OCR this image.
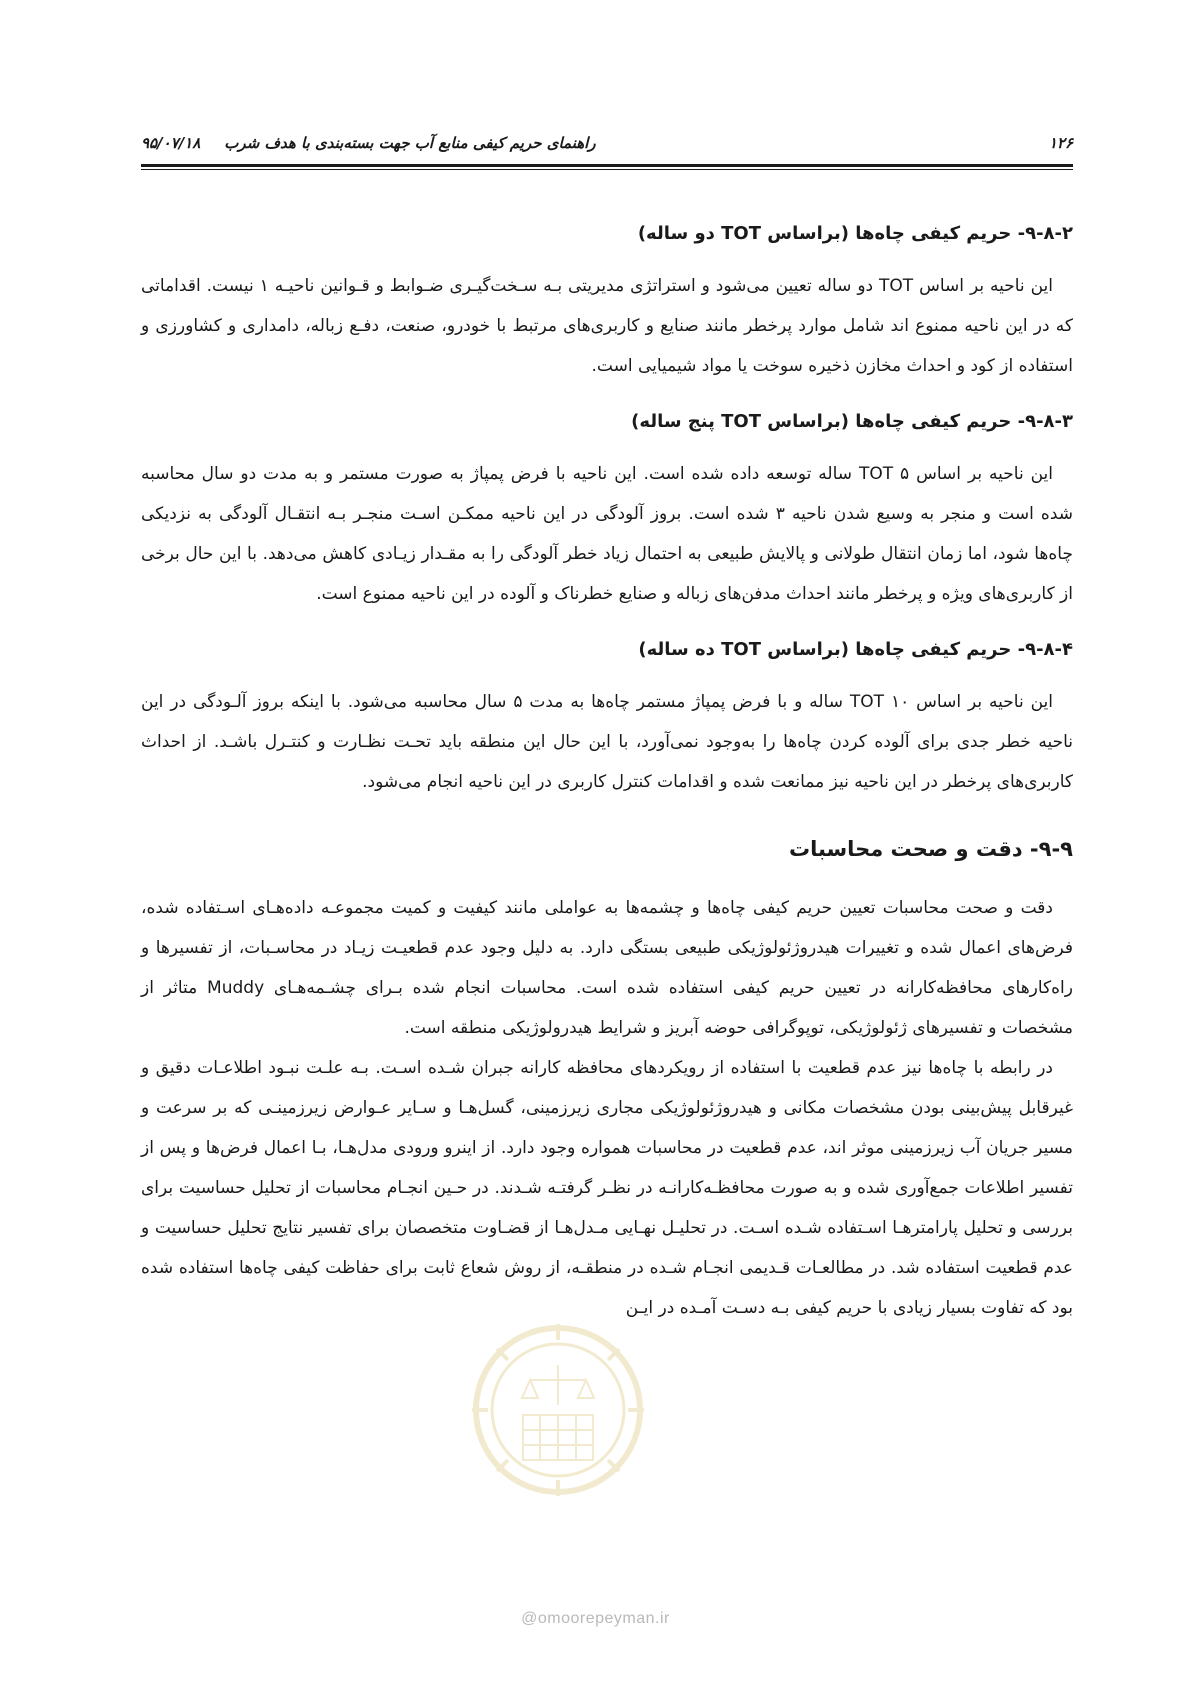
۱۲۶
راهنمای حریم کیفی منابع آب جهت بسته‌بندی با هدف شرب
۹۵/۰۷/۱۸
۹-۸-۲- حریم کیفی چاه‌ها (براساس TOT دو ساله)

این ناحیه بر اساس TOT دو ساله تعیین می‌شود و استراتژی مدیریتی بـه سـخت‌گیـری ضـوابط و قـوانین ناحیـه ۱ نیست. اقداماتی که در این ناحیه ممنوع اند شامل موارد پرخطر مانند صنایع و کاربری‌های مرتبط با خودرو، صنعت، دفـع زباله، دامداری و کشاورزی و استفاده از کود و احداث مخازن ذخیره سوخت یا مواد شیمیایی است.

۹-۸-۳- حریم کیفی چاه‌ها (براساس TOT پنج ساله)

این ناحیه بر اساس TOT ۵ ساله توسعه داده شده است. این ناحیه با فرض پمپاژ به صورت مستمر و به مدت دو سال محاسبه شده است و منجر به وسیع شدن ناحیه ۳ شده است. بروز آلودگی در این ناحیه ممکـن اسـت منجـر بـه انتقـال آلودگی به نزدیکی چاه‌ها شود، اما زمان انتقال طولانی و پالایش طبیعی به احتمال زیاد خطر آلودگی را به مقـدار زیـادی کاهش می‌دهد. با این حال برخی از کاربری‌های ویژه و پرخطر مانند احداث مدفن‌های زباله و صنایع خطرناک و آلوده در این ناحیه ممنوع است.

۹-۸-۴- حریم کیفی چاه‌ها (براساس TOT ده ساله)

این ناحیه بر اساس TOT ۱۰ ساله و با فرض پمپاژ مستمر چاه‌ها به مدت ۵ سال محاسبه می‌شود. با اینکه بروز آلـودگی در این ناحیه خطر جدی برای آلوده کردن چاه‌ها را به‌وجود نمی‌آورد، با این حال این منطقه باید تحـت نظـارت و کنتـرل باشـد. از احداث کاربری‌های پرخطر در این ناحیه نیز ممانعت شده و اقدامات کنترل کاربری در این ناحیه انجام می‌شود.

۹-۹- دقت و صحت محاسبات

دقت و صحت محاسبات تعیین حریم کیفی چاه‌ها و چشمه‌ها به عواملی مانند کیفیت و کمیت مجموعـه داده‌هـای اسـتفاده شده، فرض‌های اعمال شده و تغییرات هیدروژئولوژیکی طبیعی بستگی دارد. به دلیل وجود عدم قطعیـت زیـاد در محاسـبات، از تفسیرها و راه‌کارهای محافظه‌کارانه در تعیین حریم کیفی استفاده شده است. محاسبات انجام شده بـرای چشـمه‌هـای Muddy متاثر از مشخصات و تفسیرهای ژئولوژیکی، توپوگرافی حوضه آبریز و شرایط هیدرولوژیکی منطقه است.

در رابطه با چاه‌ها نیز عدم قطعیت با استفاده از رویکردهای محافظه کارانه جبران شـده اسـت. بـه علـت نبـود اطلاعـات دقیق و غیرقابل پیش‌بینی بودن مشخصات مکانی و هیدروژئولوژیکی مجاری زیرزمینی، گسل‌هـا و سـایر عـوارض زیرزمینـی که بر سرعت و مسیر جریان آب زیرزمینی موثر اند، عدم قطعیت در محاسبات همواره وجود دارد. از اینرو ورودی مدل‌هـا، بـا اعمال فرض‌ها و پس از تفسیر اطلاعات جمع‌آوری شده و به صورت محافظـه‌کارانـه در نظـر گرفتـه شـدند. در حـین انجـام محاسبات از تحلیل حساسیت برای بررسی و تحلیل پارامترهـا اسـتفاده شـده اسـت. در تحلیـل نهـایی مـدل‌هـا از قضـاوت متخصصان برای تفسیر نتایج تحلیل حساسیت و عدم قطعیت استفاده شد. در مطالعـات قـدیمی انجـام شـده در منطقـه، از روش شعاع ثابت برای حفاظت کیفی چاه‌ها استفاده شده بود که تفاوت بسیار زیادی با حریم کیفی بـه دسـت آمـده در ایـن

@omoorepeyman.ir
